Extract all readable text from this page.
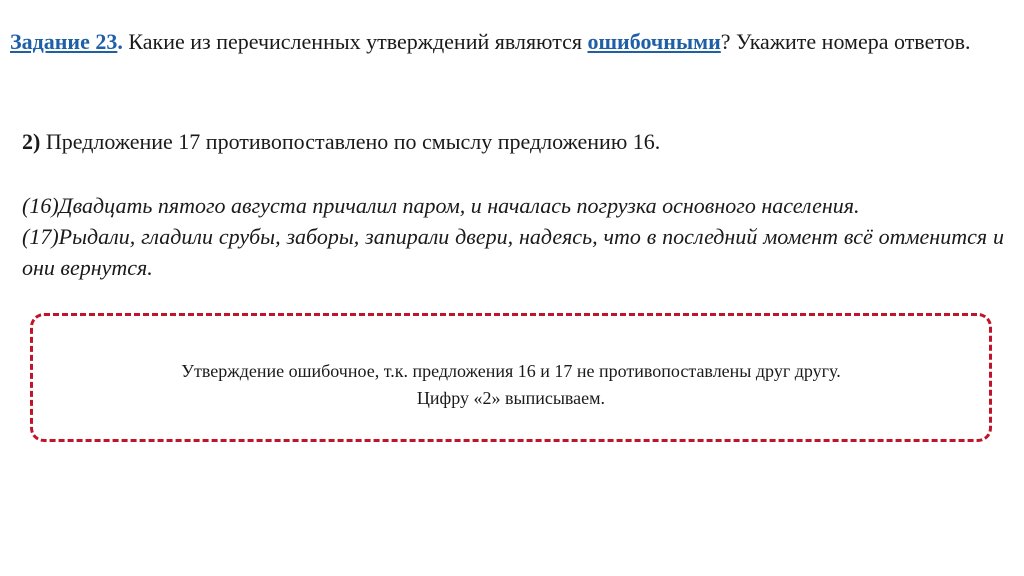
Задание 23. Какие из перечисленных утверждений являются ошибочными? Укажите номера ответов.
2) Предложение 17 противопоставлено по смыслу предложению 16.
(16)Двадцать пятого августа причалил паром, и началась погрузка основного населения.
(17)Рыдали, гладили срубы, заборы, запирали двери, надеясь, что в последний момент всё отменится и они вернутся.
Утверждение ошибочное, т.к. предложения 16 и 17 не противопоставлены друг другу.
Цифру «2» выписываем.
